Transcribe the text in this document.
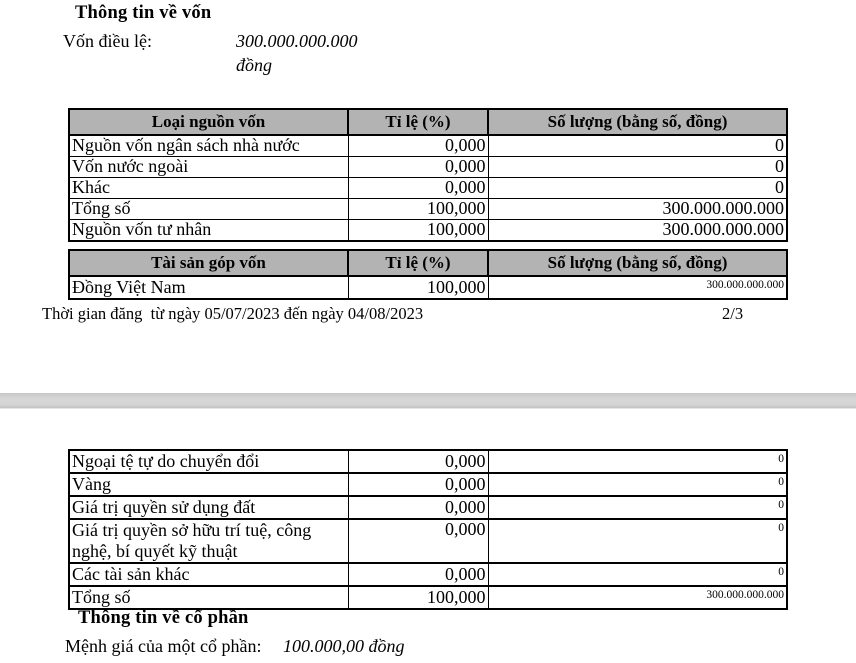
Thông tin về vốn
Vốn điều lệ:	300.000.000.000
đồng
Loại nguồn vốn	Tỉ lệ (%)	Số lượng (bằng số, đồng)
Nguồn vốn ngân sách nhà nước	0,000	0
Vốn nước ngoài	0,000	0
Khác	0,000	0
Tổng số	100,000	300.000.000.000
Nguồn vốn tư nhân	100,000	300.000.000.000
Tài sản góp vốn	Tỉ lệ (%)	Số lượng (bằng số, đồng)
Đồng Việt Nam	100,000	300.000.000.000
Thời gian đăng  từ ngày 05/07/2023 đến ngày 04/08/2023	2/3
Ngoại tệ tự do chuyển đổi	0,000	0
Vàng	0,000	0
Giá trị quyền sử dụng đất	0,000	0
Giá trị quyền sở hữu trí tuệ, công nghệ, bí quyết kỹ thuật	0,000	0
Các tài sản khác	0,000	0
Tổng số	100,000	300.000.000.000
Thông tin về cổ phần
Mệnh giá của một cổ phần: 100.000,00 đồng
